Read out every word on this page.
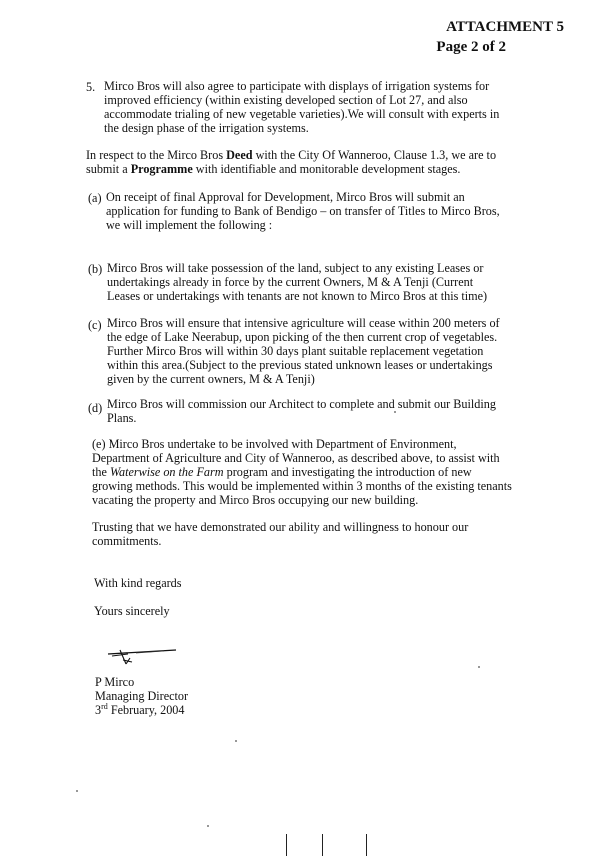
ATTACHMENT 5
Page 2 of 2
5. Mirco Bros will also agree to participate with displays of irrigation systems for
improved efficiency (within existing developed section of Lot 27, and also
accommodate trialing of new vegetable varieties).We will consult with experts in
the design phase of the irrigation systems.
In respect to the Mirco Bros Deed with the City Of Wanneroo, Clause 1.3, we are to
submit a Programme with identifiable and monitorable development stages.
(a) On receipt of final Approval for Development, Mirco Bros will submit an
application for funding to Bank of Bendigo – on transfer of Titles to Mirco Bros,
we will implement the following :
(b) Mirco Bros will take possession of the land, subject to any existing Leases or
undertakings already in force by the current Owners, M & A Tenji (Current
Leases or undertakings with tenants are not known to Mirco Bros at this time)
(c) Mirco Bros will ensure that intensive agriculture will cease within 200 meters of
the edge of Lake Neerabup, upon picking of the then current crop of vegetables.
Further Mirco Bros will within 30 days plant suitable replacement vegetation
within this area.(Subject to the previous stated unknown leases or undertakings
given by the current owners, M & A Tenji)
(d) Mirco Bros will commission our Architect to complete and submit our Building
Plans.
(e) Mirco Bros undertake to be involved with Department of Environment,
Department of Agriculture and City of Wanneroo, as described above, to assist with
the Waterwise on the Farm program and investigating the introduction of new
growing methods. This would be implemented within 3 months of the existing tenants
vacating the property and Mirco Bros occupying our new building.
Trusting that we have demonstrated our ability and willingness to honour our
commitments.
With kind regards
Yours sincerely
P Mirco
Managing Director
3rd February, 2004
